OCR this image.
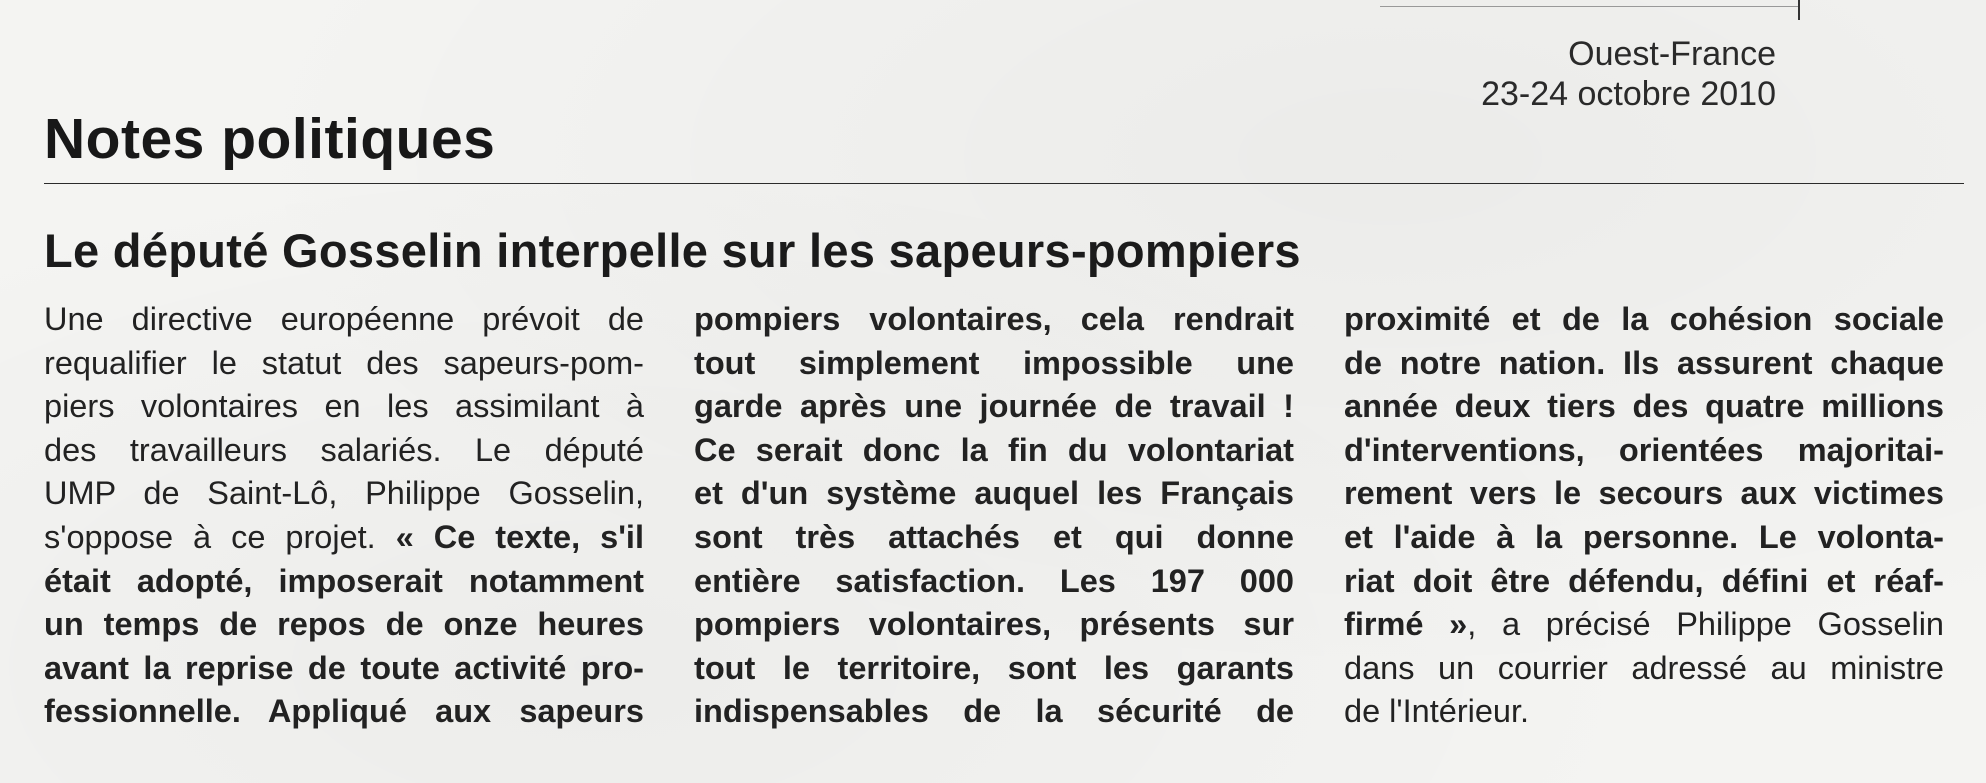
Ouest-France
23-24 octobre 2010
Notes politiques
Le député Gosselin interpelle sur les sapeurs-pompiers
Une directive européenne prévoit de
requalifier le statut des sapeurs-pom-
piers volontaires en les assimilant à
des travailleurs salariés. Le député
UMP de Saint-Lô, Philippe Gosselin,
s'oppose à ce projet. « Ce texte, s'il
était adopté, imposerait notamment
un temps de repos de onze heures
avant la reprise de toute activité pro-
fessionnelle. Appliqué aux sapeurs
pompiers volontaires, cela rendrait
tout simplement impossible une
garde après une journée de travail !
Ce serait donc la fin du volontariat
et d'un système auquel les Français
sont très attachés et qui donne
entière satisfaction. Les 197 000
pompiers volontaires, présents sur
tout le territoire, sont les garants
indispensables de la sécurité de
proximité et de la cohésion sociale
de notre nation. Ils assurent chaque
année deux tiers des quatre millions
d'interventions, orientées majoritai-
rement vers le secours aux victimes
et l'aide à la personne. Le volonta-
riat doit être défendu, défini et réaf-
firmé », a précisé Philippe Gosselin
dans un courrier adressé au ministre
de l'Intérieur.
